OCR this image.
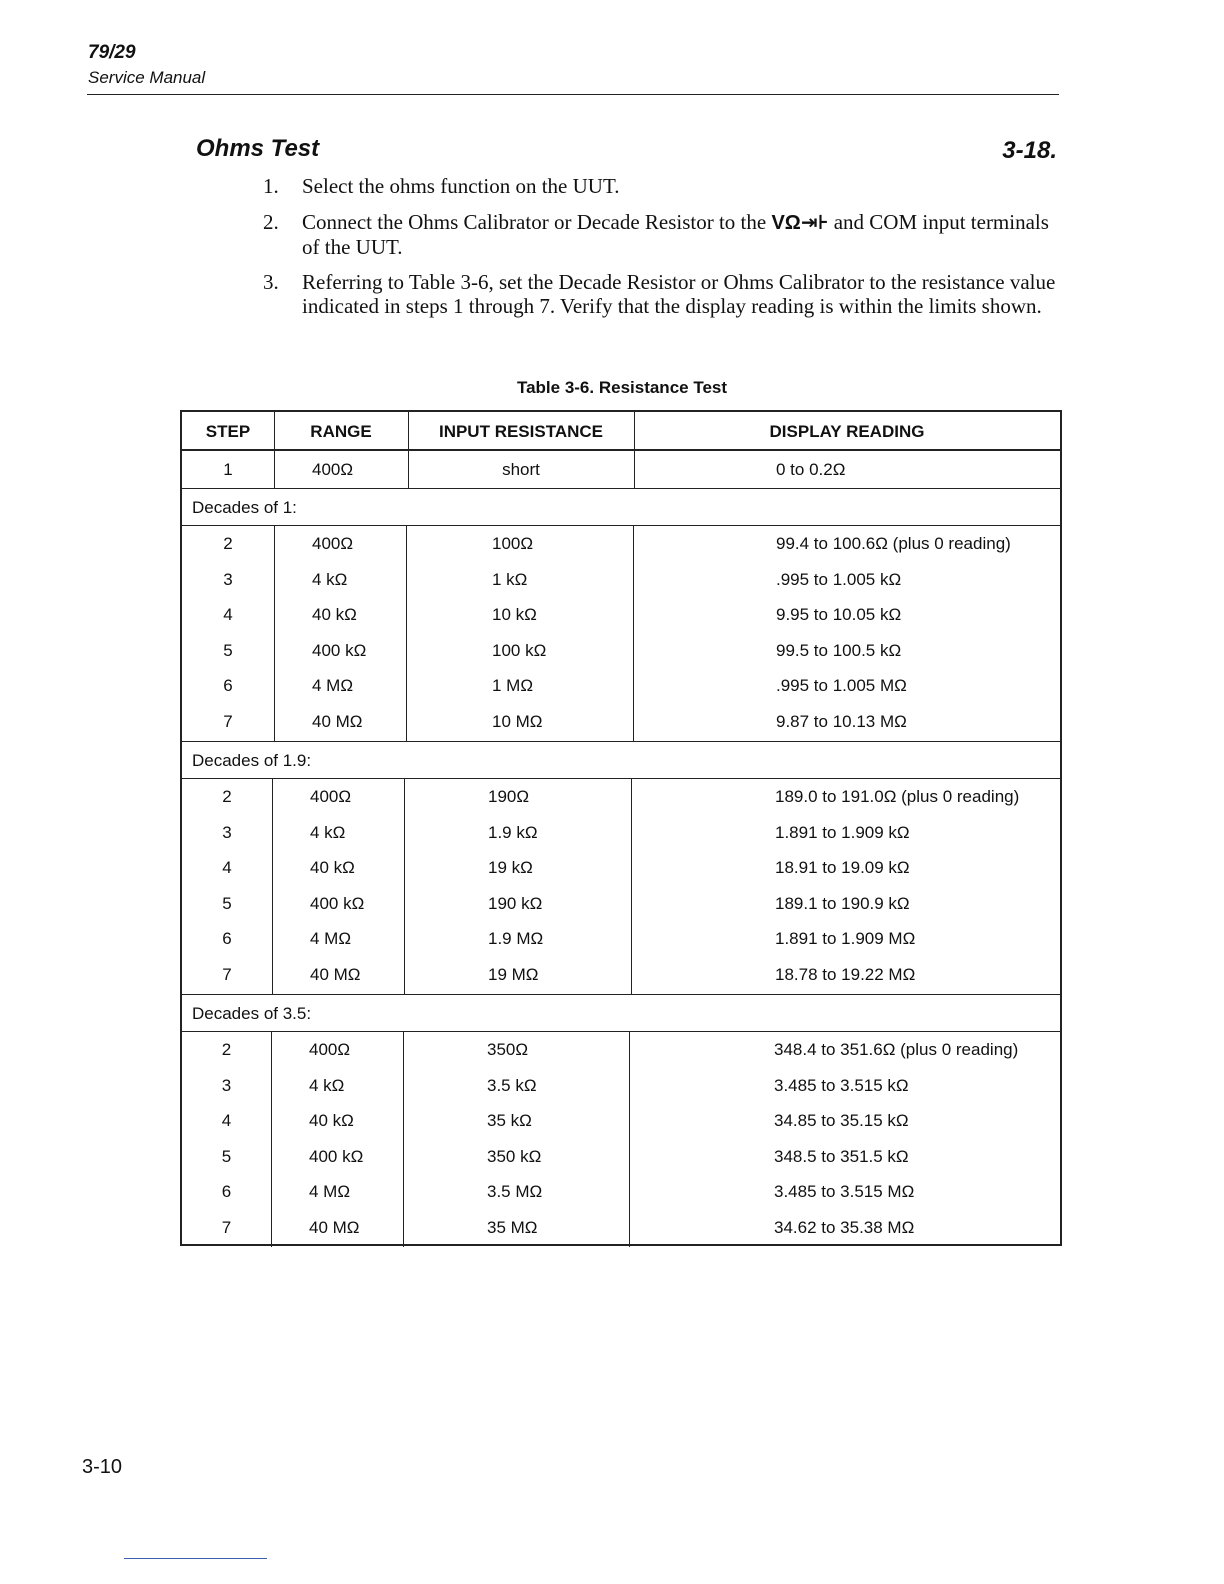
79/29
Service Manual
Ohms Test	3-18.
1. Select the ohms function on the UUT.
2. Connect the Ohms Calibrator or Decade Resistor to the VΩ⇥⊦ and COM input terminals of the UUT.
3. Referring to Table 3-6, set the Decade Resistor or Ohms Calibrator to the resistance value indicated in steps 1 through 7. Verify that the display reading is within the limits shown.
Table 3-6. Resistance Test
STEP	RANGE	INPUT RESISTANCE	DISPLAY READING
1	400Ω	short	0 to 0.2Ω
Decades of 1:
Decades of 1.9:
Decades of 3.5:
2	400Ω	100Ω	99.4 to 100.6Ω (plus 0 reading)
3	4 kΩ	1 kΩ	.995 to 1.005 kΩ
4	40 kΩ	10 kΩ	9.95 to 10.05 kΩ
5	400 kΩ	100 kΩ	99.5 to 100.5 kΩ
6	4 MΩ	1 MΩ	.995 to 1.005 MΩ
7	40 MΩ	10 MΩ	9.87 to 10.13 MΩ
2	400Ω	190Ω	189.0 to 191.0Ω (plus 0 reading)
3	4 kΩ	1.9 kΩ	1.891 to 1.909 kΩ
4	40 kΩ	19 kΩ	18.91 to 19.09 kΩ
5	400 kΩ	190 kΩ	189.1 to 190.9 kΩ
6	4 MΩ	1.9 MΩ	1.891 to 1.909 MΩ
7	40 MΩ	19 MΩ	18.78 to 19.22 MΩ
2	400Ω	350Ω	348.4 to 351.6Ω (plus 0 reading)
3	4 kΩ	3.5 kΩ	3.485 to 3.515 kΩ
4	40 kΩ	35 kΩ	34.85 to 35.15 kΩ
5	400 kΩ	350 kΩ	348.5 to 351.5 kΩ
6	4 MΩ	3.5 MΩ	3.485 to 3.515 MΩ
7	40 MΩ	35 MΩ	34.62 to 35.38 MΩ
3-10
